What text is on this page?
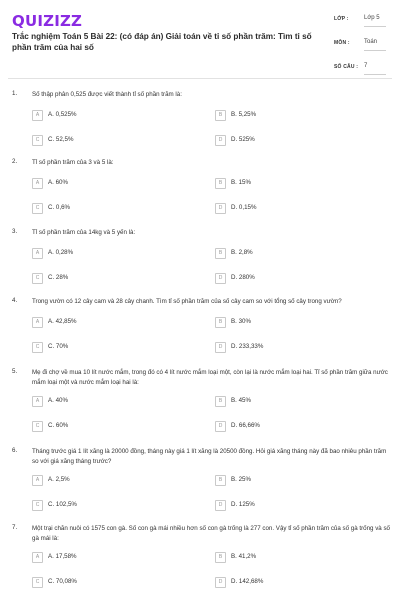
QUIZIZZ
Trắc nghiệm Toán 5 Bài 22: (có đáp án) Giải toán về tỉ số phần trăm: Tìm tỉ số phần trăm của hai số
LỚP :	Lớp 5
MÔN : Toán
SỐ CÂU : 7
1. Số thập phân 0,525 được viết thành tỉ số phần trăm là:
A	A. 0,525%	B	B. 5,25%
C	C. 52,5%	D	D. 525%
2. Tỉ số phần trăm của 3 và 5 là:
A	A. 60%	B	B. 15%
C	C. 0,6%	D	D. 0,15%
3. Tỉ số phần trăm của 14kg và 5 yến là:
A	A. 0,28%	B	B. 2,8%
C	C. 28%	D	D. 280%
4. Trong vườn có 12 cây cam và 28 cây chanh. Tìm tỉ số phần trăm của số cây cam so với tổng số cây trong vườn?
A	A. 42,85%	B	B. 30%
C	C. 70%	D	D. 233,33%
5. Mẹ đi chợ về mua 10 lít nước mắm, trong đó có 4 lít nước mắm loại một, còn lại là nước mắm loại hai. Tỉ số phần trăm giữa nước mắm loại một và nước mắm loại hai là:
A	A. 40%	B	B. 45%
C	C. 60%	D	D. 66,66%
6. Tháng trước giá 1 lít xăng là 20000 đồng, tháng này giá 1 lít xăng là 20500 đồng. Hỏi giá xăng tháng này đã bao nhiêu phần trăm so với giá xăng tháng trước?
A	A. 2,5%	B	B. 25%
C	C. 102,5%	D	D. 125%
7. Một trại chăn nuôi có 1575 con gà. Số con gà mái nhiều hơn số con gà trống là 277 con. Vậy tỉ số phần trăm của số gà trống và số gà mái là:
A	A. 17,58%	B	B. 41,2%
C	C. 70,08%	D	D. 142,68%
